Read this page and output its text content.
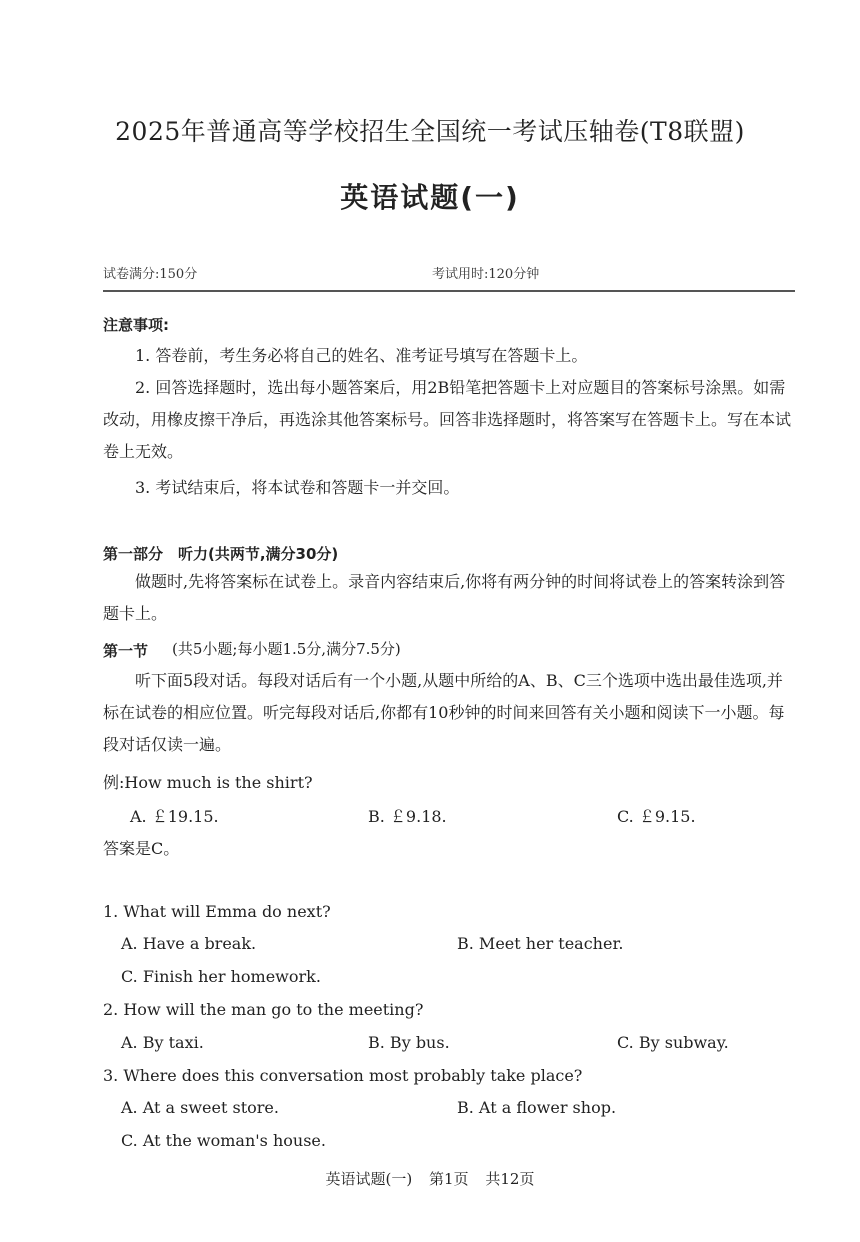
2025年普通高等学校招生全国统一考试压轴卷(T8联盟)
英语试题(一)
试卷满分:150分	考试用时:120分钟
注意事项:
1. 答卷前，考生务必将自己的姓名、准考证号填写在答题卡上。
2. 回答选择题时，选出每小题答案后，用2B铅笔把答题卡上对应题目的答案标号涂黑。如需改动，用橡皮擦干净后，再选涂其他答案标号。回答非选择题时，将答案写在答题卡上。写在本试卷上无效。
3. 考试结束后，将本试卷和答题卡一并交回。
第一部分　听力(共两节,满分30分)
做题时,先将答案标在试卷上。录音内容结束后,你将有两分钟的时间将试卷上的答案转涂到答题卡上。
第一节 (共5小题;每小题1.5分,满分7.5分)
听下面5段对话。每段对话后有一个小题,从题中所给的A、B、C三个选项中选出最佳选项,并标在试卷的相应位置。听完每段对话后,你都有10秒钟的时间来回答有关小题和阅读下一小题。每段对话仅读一遍。
例:How much is the shirt?
A. ￡19.15.	B. ￡9.18.	C. ￡9.15.
答案是C。
1. What will Emma do next?
A. Have a break.	B. Meet her teacher.
C. Finish her homework.
2. How will the man go to the meeting?
A. By taxi.	B. By bus.	C. By subway.
3. Where does this conversation most probably take place?
A. At a sweet store.	B. At a flower shop.
C. At the woman's house.
英语试题(一) 第1页 共12页
